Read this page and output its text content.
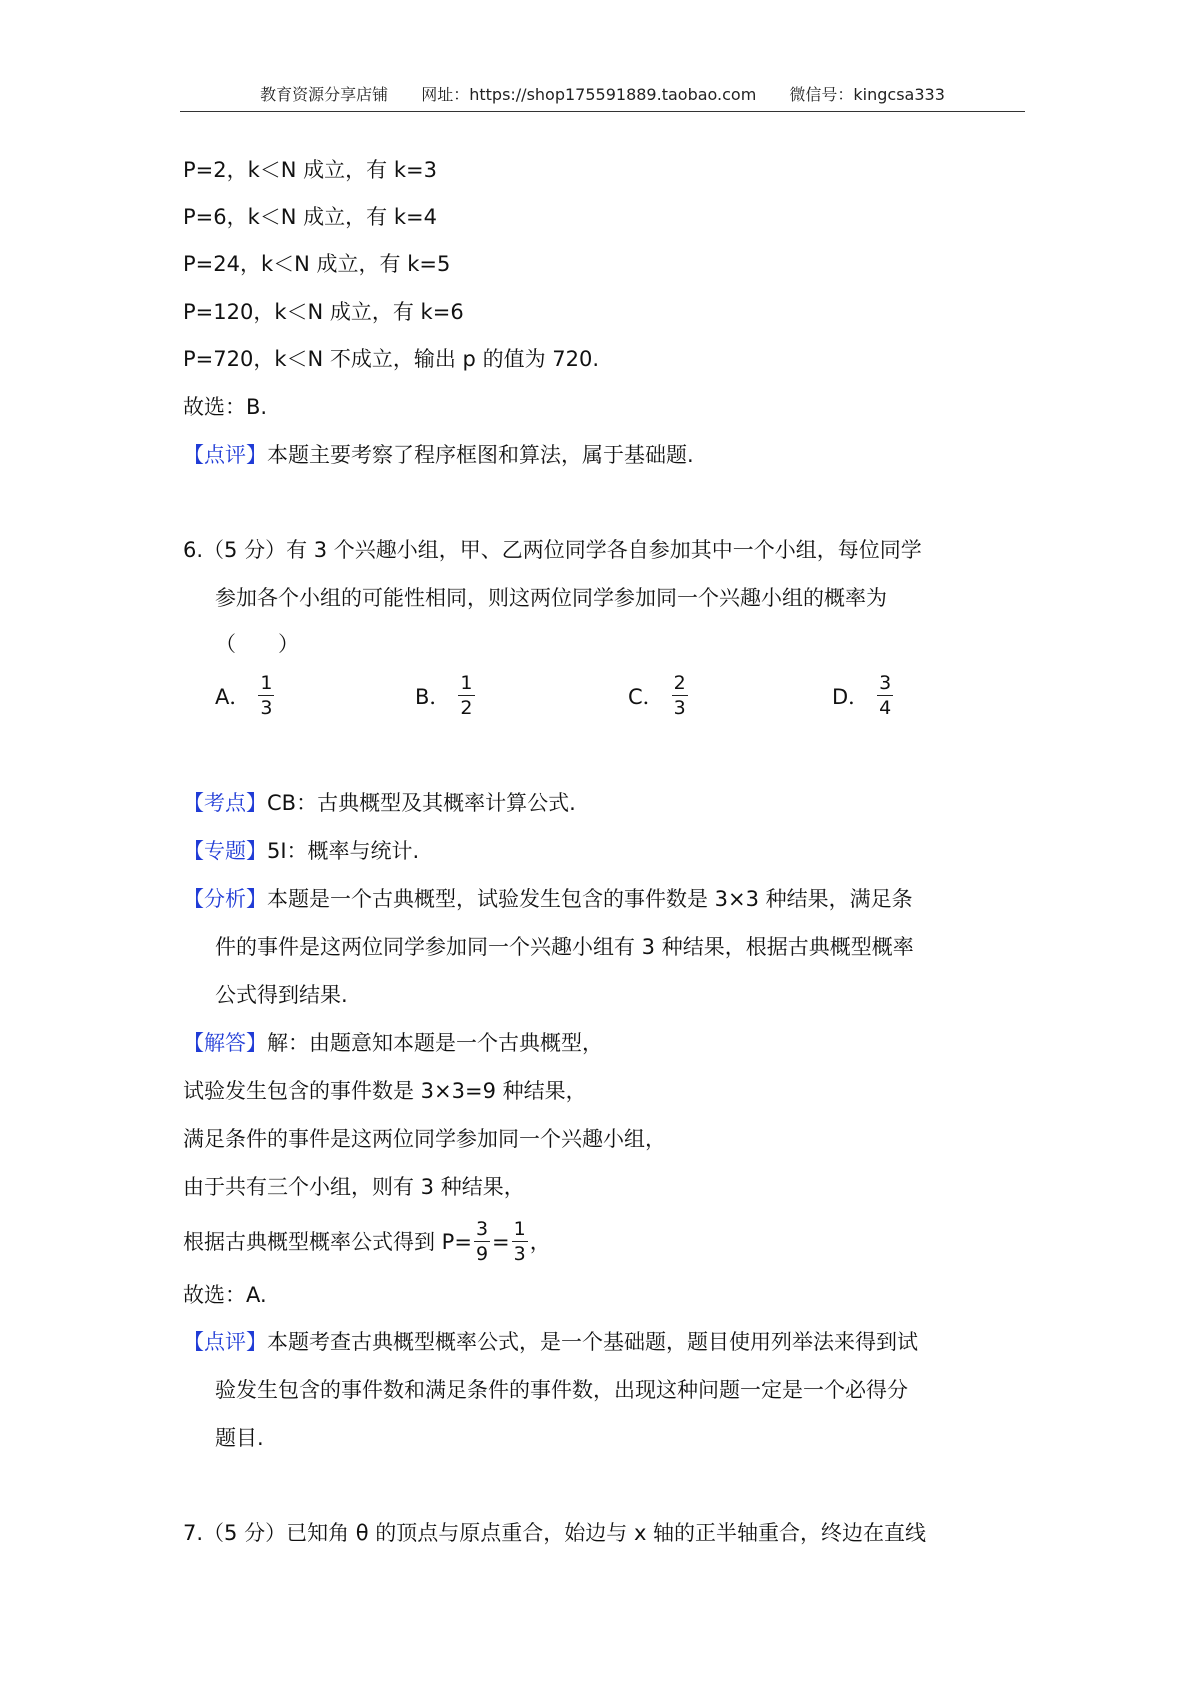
教育资源分享店铺 网址：https://shop175591889.taobao.com 微信号：kingcsa333
P=2，k＜N 成立，有 k=3
P=6，k＜N 成立，有 k=4
P=24，k＜N 成立，有 k=5
P=120，k＜N 成立，有 k=6
P=720，k＜N 不成立，输出 p 的值为 720.
故选：B.
【点评】本题主要考察了程序框图和算法，属于基础题.
6.（5 分）有 3 个兴趣小组，甲、乙两位同学各自参加其中一个小组，每位同学
参加各个小组的可能性相同，则这两位同学参加同一个兴趣小组的概率为
（　　）
A． $\frac{1}{3}$	B． $\frac{1}{2}$	C． $\frac{2}{3}$	D． $\frac{3}{4}$
【考点】CB：古典概型及其概率计算公式.
【专题】5I：概率与统计.
【分析】本题是一个古典概型，试验发生包含的事件数是 3×3 种结果，满足条
件的事件是这两位同学参加同一个兴趣小组有 3 种结果，根据古典概型概率
公式得到结果.
【解答】解：由题意知本题是一个古典概型，
试验发生包含的事件数是 3×3=9 种结果，
满足条件的事件是这两位同学参加同一个兴趣小组，
由于共有三个小组，则有 3 种结果，
根据古典概型概率公式得到 $P= \frac{3}{9} = \frac{1}{3}$ ，
故选：A.
【点评】本题考查古典概型概率公式，是一个基础题，题目使用列举法来得到试
验发生包含的事件数和满足条件的事件数，出现这种问题一定是一个必得分
题目.
7.（5 分）已知角 θ 的顶点与原点重合，始边与 x 轴的正半轴重合，终边在直线
